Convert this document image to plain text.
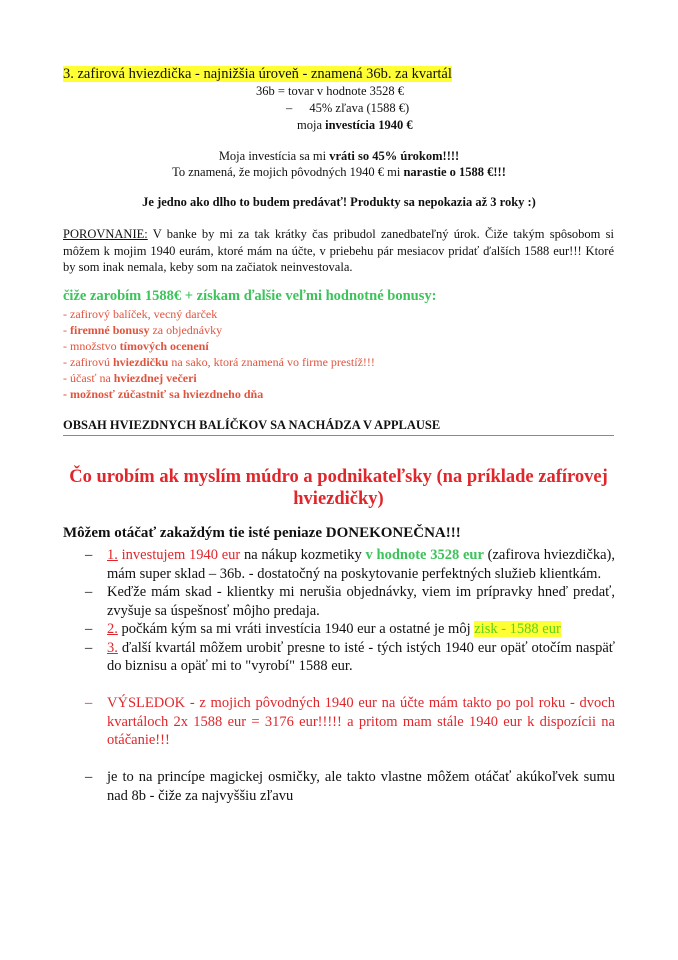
3. zafirová hviezdička - najnižšia úroveň - znamená 36b. za kvartál
36b = tovar v hodnote 3528 €
– 45% zľava (1588 €)
moja investícia 1940 €
Moja investícia sa mi vráti so 45% úrokom!!!!
To znamená, že mojich pôvodných 1940 € mi narastie o 1588 €!!!
Je jedno ako dlho to budem predávať! Produkty sa nepokazia až 3 roky :)
POROVNANIE: V banke by mi za tak krátky čas pribudol zanedbateľný úrok. Čiže takým spôsobom si môžem k mojim 1940 eurám, ktoré mám na účte, v priebehu pár mesiacov pridať ďalších 1588 eur!!! Ktoré by som inak nemala, keby som na začiatok neinvestovala.
čiže zarobím 1588€ + získam ďalšie veľmi hodnotné bonusy:
- zafirový balíček, vecný darček
- firemné bonusy za objednávky
- množstvo tímových ocenení
- zafirovú hviezdičku na sako, ktorá znamená vo firme prestíž!!!
- účasť na hviezdnej večeri
- možnosť zúčastniť sa hviezdneho dňa
OBSAH HVIEZDNYCH BALÍČKOV SA NACHÁDZA V APPLAUSE
Čo urobím ak myslím múdro a podnikateľsky (na príklade zafírovej hviezdičky)
Môžem otáčať zakaždým tie isté peniaze DONEKONEČNA!!!
– 1. investujem 1940 eur na nákup kozmetiky v hodnote 3528 eur (zafirova hviezdička), mám super sklad – 36b. - dostatočný na poskytovanie perfektných služieb klientkám.
– Keďže mám skad - klientky mi nerušia objednávky, viem im prípravky hneď predať, zvyšuje sa úspešnosť môjho predaja.
– 2. počkám kým sa mi vráti investícia 1940 eur a ostatné je môj zisk - 1588 eur
– 3. ďalší kvartál môžem urobiť presne to isté - tých istých 1940 eur opäť otočím naspäť do biznisu a opäť mi to "vyrobí" 1588 eur.
– VÝSLEDOK - z mojich pôvodných 1940 eur na účte mám takto po pol roku - dvoch kvartáloch 2x 1588 eur = 3176 eur!!!!! a pritom mam stále 1940 eur k dispozícii na otáčanie!!!
– je to na princípe magickej osmičky, ale takto vlastne môžem otáčať akúkoľvek sumu nad 8b - čiže za najvyššiu zľavu
